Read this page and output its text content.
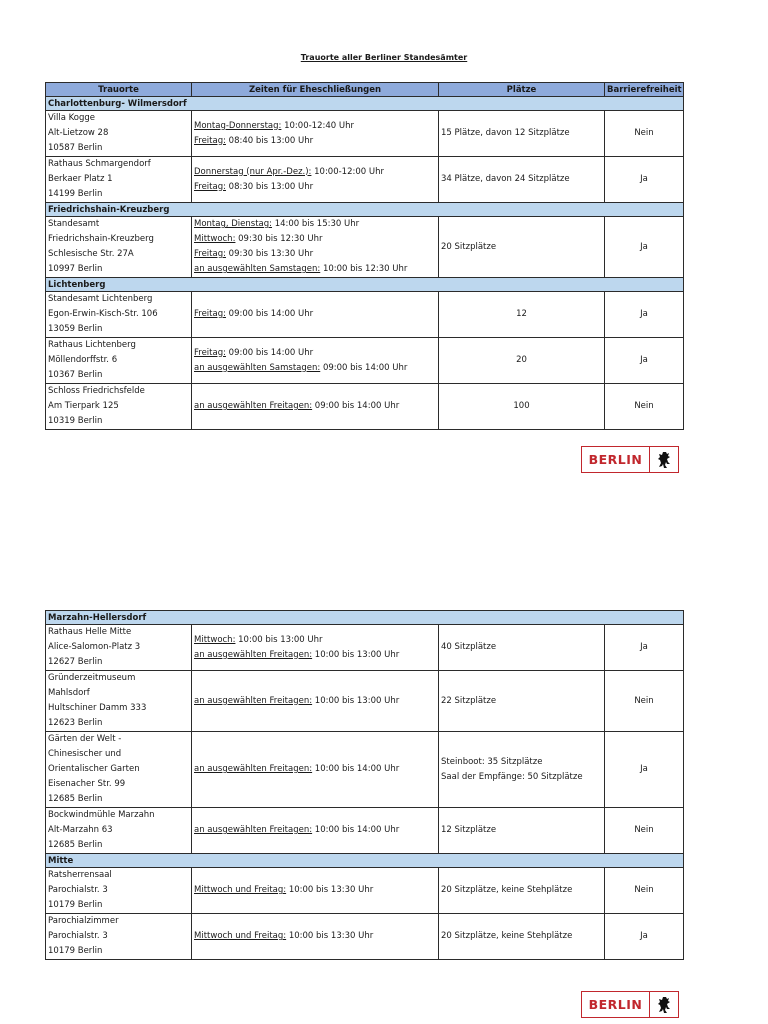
Trauorte aller Berliner Standesämter
Trauorte	Zeiten für Eheschließungen	Plätze	Barrierefreiheit
Charlottenburg- Wilmersdorf			

Villa Kogge
Alt-Lietzow 28
10587 Berlin	Montag-Donnerstag: 10:00-12:40 Uhr
Freitag: 08:40 bis 13:00 Uhr	15 Plätze, davon 12 Sitzplätze	Nein

Rathaus Schmargendorf
Berkaer Platz 1
14199 Berlin	Donnerstag (nur Apr.-Dez.): 10:00-12:00 Uhr
Freitag: 08:30 bis 13:00 Uhr	34 Plätze, davon 24 Sitzplätze	Ja
Friedrichshain-Kreuzberg			

Standesamt
Friedrichshain-Kreuzberg
Schlesische Str. 27A
10997 Berlin	Montag, Dienstag: 14:00 bis 15:30 Uhr
Mittwoch: 09:30 bis 12:30 Uhr
Freitag: 09:30 bis 13:30 Uhr
an ausgewählten Samstagen: 10:00 bis 12:30 Uhr	20 Sitzplätze	Ja
Lichtenberg			

Standesamt Lichtenberg
Egon-Erwin-Kisch-Str. 106
13059 Berlin	Freitag: 09:00 bis 14:00 Uhr	12	Ja

Rathaus Lichtenberg
Möllendorffstr. 6
10367 Berlin	Freitag: 09:00 bis 14:00 Uhr
an ausgewählten Samstagen: 09:00 bis 14:00 Uhr	20	Ja

Schloss Friedrichsfelde
Am Tierpark 125
10319 Berlin	an ausgewählten Freitagen: 09:00 bis 14:00 Uhr	100	Nein
BERLIN
Marzahn-Hellersdorf			

Rathaus Helle Mitte
Alice-Salomon-Platz 3
12627 Berlin	Mittwoch: 10:00 bis 13:00 Uhr
an ausgewählten Freitagen: 10:00 bis 13:00 Uhr	40 Sitzplätze	Ja

Gründerzeitmuseum
Mahlsdorf
Hultschiner Damm 333
12623 Berlin	an ausgewählten Freitagen: 10:00 bis 13:00 Uhr	22 Sitzplätze	Nein

Gärten der Welt -
Chinesischer und
Orientalischer Garten
Eisenacher Str. 99
12685 Berlin	an ausgewählten Freitagen: 10:00 bis 14:00 Uhr	Steinboot: 35 Sitzplätze
Saal der Empfänge: 50 Sitzplätze	Ja

Bockwindmühle Marzahn
Alt-Marzahn 63
12685 Berlin	an ausgewählten Freitagen: 10:00 bis 14:00 Uhr	12 Sitzplätze	Nein
Mitte			

Ratsherrensaal
Parochialstr. 3
10179 Berlin	Mittwoch und Freitag: 10:00 bis 13:30 Uhr	20 Sitzplätze, keine Stehplätze	Nein

Parochialzimmer
Parochialstr. 3
10179 Berlin	Mittwoch und Freitag: 10:00 bis 13:30 Uhr	20 Sitzplätze, keine Stehplätze	Ja
BERLIN
